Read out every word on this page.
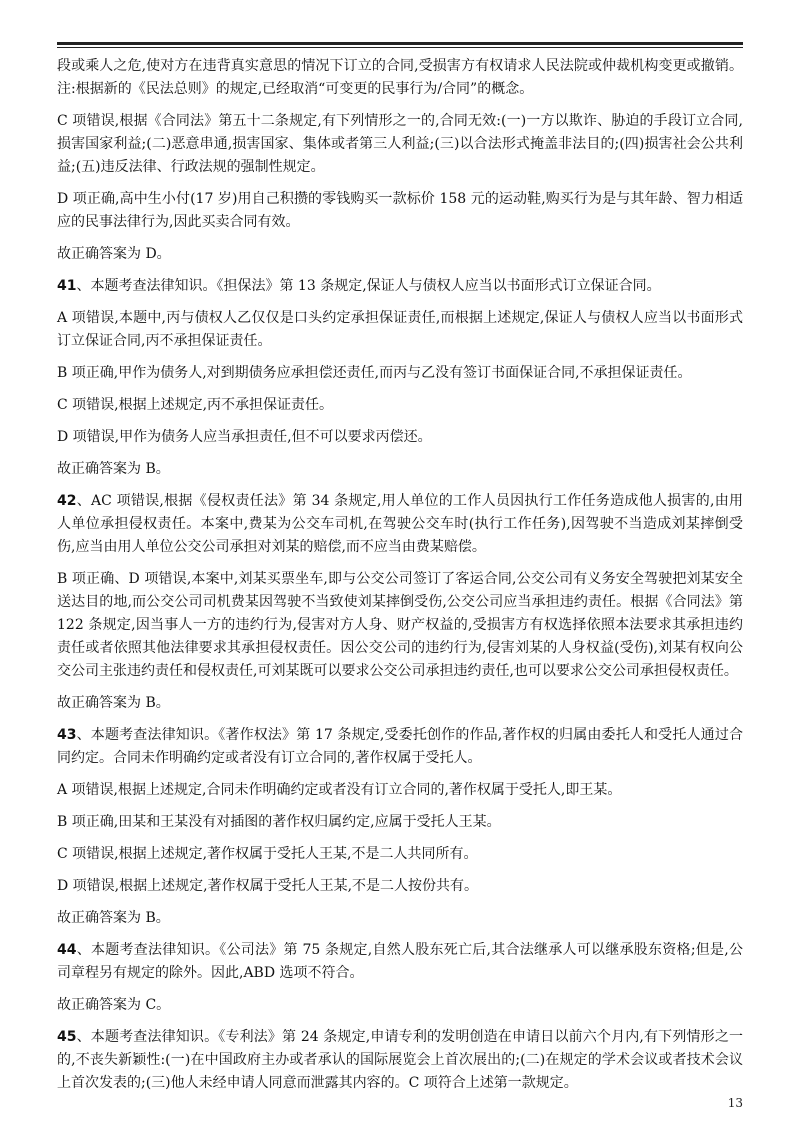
段或乘人之危,使对方在违背真实意思的情况下订立的合同,受损害方有权请求人民法院或仲裁机构变更或撤销。注:根据新的《民法总则》的规定,已经取消“可变更的民事行为/合同”的概念。

C 项错误,根据《合同法》第五十二条规定,有下列情形之一的,合同无效:(一)一方以欺诈、胁迫的手段订立合同,损害国家利益;(二)恶意串通,损害国家、集体或者第三人利益;(三)以合法形式掩盖非法目的;(四)损害社会公共利益;(五)违反法律、行政法规的强制性规定。

D 项正确,高中生小付(17 岁)用自己积攒的零钱购买一款标价 158 元的运动鞋,购买行为是与其年龄、智力相适应的民事法律行为,因此买卖合同有效。

故正确答案为 D。

41、本题考查法律知识。《担保法》第 13 条规定,保证人与债权人应当以书面形式订立保证合同。

A 项错误,本题中,丙与债权人乙仅仅是口头约定承担保证责任,而根据上述规定,保证人与债权人应当以书面形式订立保证合同,丙不承担保证责任。

B 项正确,甲作为债务人,对到期债务应承担偿还责任,而丙与乙没有签订书面保证合同,不承担保证责任。

C 项错误,根据上述规定,丙不承担保证责任。

D 项错误,甲作为债务人应当承担责任,但不可以要求丙偿还。

故正确答案为 B。

42、AC 项错误,根据《侵权责任法》第 34 条规定,用人单位的工作人员因执行工作任务造成他人损害的,由用人单位承担侵权责任。本案中,费某为公交车司机,在驾驶公交车时(执行工作任务),因驾驶不当造成刘某摔倒受伤,应当由用人单位公交公司承担对刘某的赔偿,而不应当由费某赔偿。

B 项正确、D 项错误,本案中,刘某买票坐车,即与公交公司签订了客运合同,公交公司有义务安全驾驶把刘某安全送达目的地,而公交公司司机费某因驾驶不当致使刘某摔倒受伤,公交公司应当承担违约责任。根据《合同法》第 122 条规定,因当事人一方的违约行为,侵害对方人身、财产权益的,受损害方有权选择依照本法要求其承担违约责任或者依照其他法律要求其承担侵权责任。因公交公司的违约行为,侵害刘某的人身权益(受伤),刘某有权向公交公司主张违约责任和侵权责任,可刘某既可以要求公交公司承担违约责任,也可以要求公交公司承担侵权责任。

故正确答案为 B。

43、本题考查法律知识。《著作权法》第 17 条规定,受委托创作的作品,著作权的归属由委托人和受托人通过合同约定。合同未作明确约定或者没有订立合同的,著作权属于受托人。

A 项错误,根据上述规定,合同未作明确约定或者没有订立合同的,著作权属于受托人,即王某。

B 项正确,田某和王某没有对插图的著作权归属约定,应属于受托人王某。

C 项错误,根据上述规定,著作权属于受托人王某,不是二人共同所有。

D 项错误,根据上述规定,著作权属于受托人王某,不是二人按份共有。

故正确答案为 B。

44、本题考查法律知识。《公司法》第 75 条规定,自然人股东死亡后,其合法继承人可以继承股东资格;但是,公司章程另有规定的除外。因此,ABD 选项不符合。

故正确答案为 C。

45、本题考查法律知识。《专利法》第 24 条规定,申请专利的发明创造在申请日以前六个月内,有下列情形之一的,不丧失新颖性:(一)在中国政府主办或者承认的国际展览会上首次展出的;(二)在规定的学术会议或者技术会议上首次发表的;(三)他人未经申请人同意而泄露其内容的。C 项符合上述第一款规定。

13
